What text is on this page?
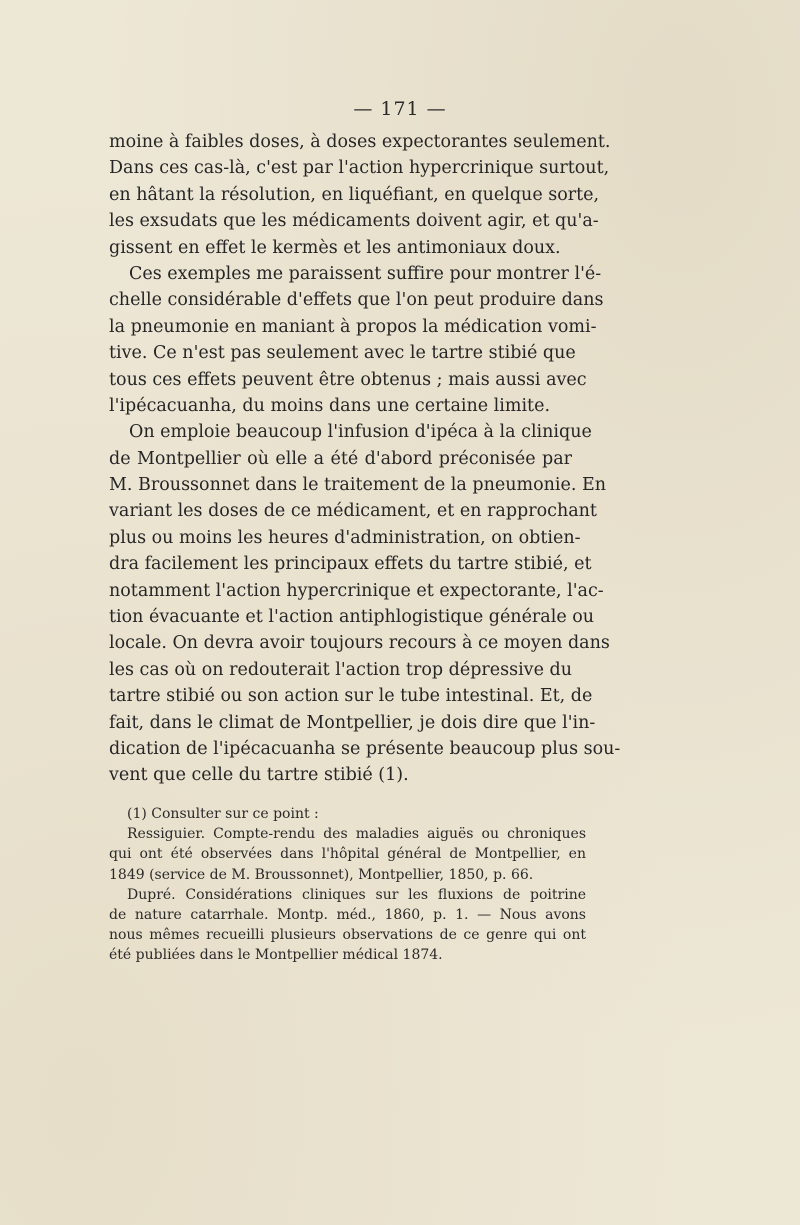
— 171 —
moine à faibles doses, à doses expectorantes seulement.
Dans ces cas-là, c'est par l'action hypercrinique surtout,
en hâtant la résolution, en liquéfiant, en quelque sorte,
les exsudats que les médicaments doivent agir, et qu'a-
gissent en effet le kermès et les antimoniaux doux.
Ces exemples me paraissent suffire pour montrer l'é-
chelle considérable d'effets que l'on peut produire dans
la pneumonie en maniant à propos la médication vomi-
tive. Ce n'est pas seulement avec le tartre stibié que
tous ces effets peuvent être obtenus ; mais aussi avec
l'ipécacuanha, du moins dans une certaine limite.
On emploie beaucoup l'infusion d'ipéca à la clinique
de Montpellier où elle a été d'abord préconisée par
M. Broussonnet dans le traitement de la pneumonie. En
variant les doses de ce médicament, et en rapprochant
plus ou moins les heures d'administration, on obtien-
dra facilement les principaux effets du tartre stibié, et
notamment l'action hypercrinique et expectorante, l'ac-
tion évacuante et l'action antiphlogistique générale ou
locale. On devra avoir toujours recours à ce moyen dans
les cas où on redouterait l'action trop dépressive du
tartre stibié ou son action sur le tube intestinal. Et, de
fait, dans le climat de Montpellier, je dois dire que l'in-
dication de l'ipécacuanha se présente beaucoup plus sou-
vent que celle du tartre stibié (1).
(1) Consulter sur ce point :
Ressiguier. Compte-rendu des maladies aiguës ou chroniques
qui ont été observées dans l'hôpital général de Montpellier, en
1849 (service de M. Broussonnet), Montpellier, 1850, p. 66.
Dupré. Considérations cliniques sur les fluxions de poitrine
de nature catarrhale. Montp. méd., 1860, p. 1. — Nous avons
nous mêmes recueilli plusieurs observations de ce genre qui ont
été publiées dans le Montpellier médical 1874.
